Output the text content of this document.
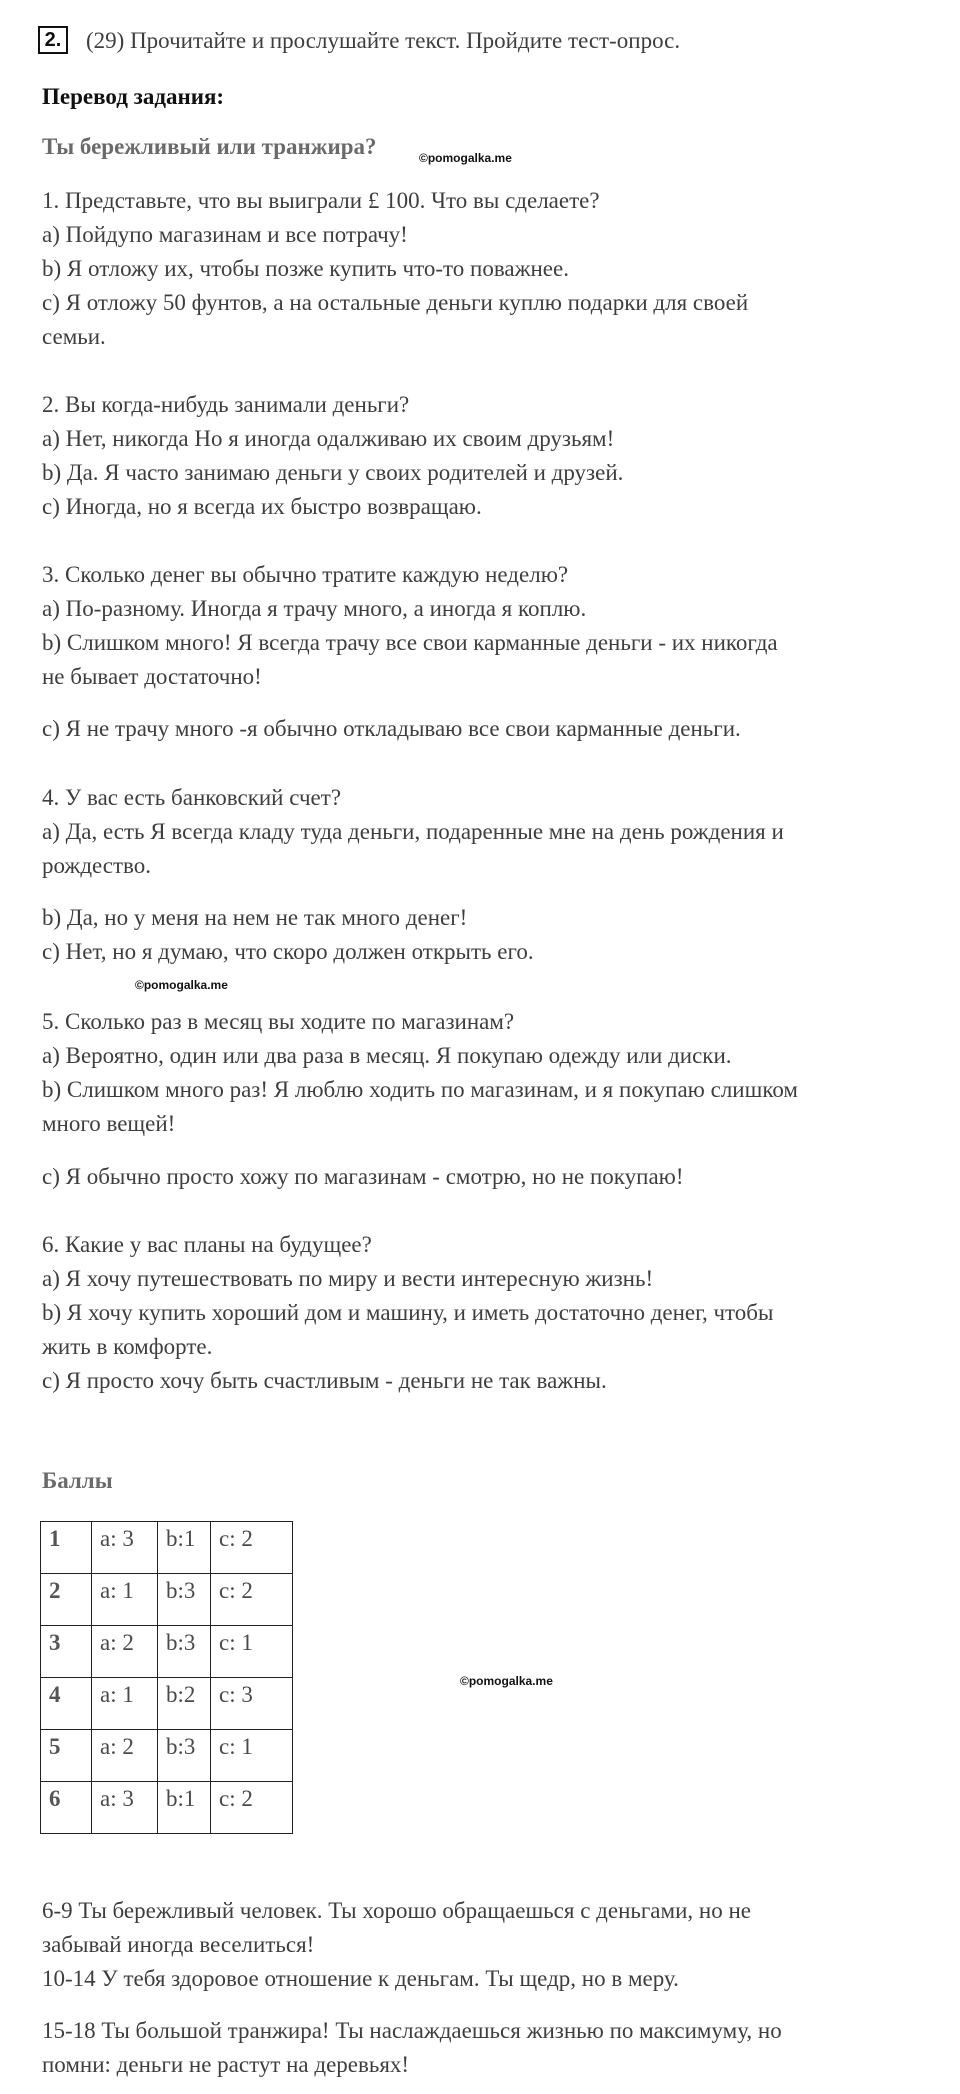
2. (29) Прочитайте и прослушайте текст. Пройдите тест-опрос.
Перевод задания:
Ты бережливый или транжира?	©pomogalka.me
1. Представьте, что вы выиграли £ 100. Что вы сделаете?
a) Пойдупо магазинам и все потрачу!
b) Я отложу их, чтобы позже купить что-то поважнее.
c) Я отложу 50 фунтов, а на остальные деньги куплю подарки для своей
семьи.
2. Вы когда-нибудь занимали деньги?
a) Нет, никогда Но я иногда одалживаю их своим друзьям!
b) Да. Я часто занимаю деньги у своих родителей и друзей.
c) Иногда, но я всегда их быстро возвращаю.
3. Сколько денег вы обычно тратите каждую неделю?
a) По-разному. Иногда я трачу много, а иногда я коплю.
b) Слишком много! Я всегда трачу все свои карманные деньги - их никогда
не бывает достаточно!
c) Я не трачу много -я обычно откладываю все свои карманные деньги.
4. У вас есть банковский счет?
a) Да, есть Я всегда кладу туда деньги, подаренные мне на день рождения и
рождество.
b) Да, но у меня на нем не так много денег!
c) Нет, но я думаю, что скоро должен открыть его.
©pomogalka.me
5. Сколько раз в месяц вы ходите по магазинам?
a) Вероятно, один или два раза в месяц. Я покупаю одежду или диски.
b) Слишком много раз! Я люблю ходить по магазинам, и я покупаю слишком
много вещей!
c) Я обычно просто хожу по магазинам - смотрю, но не покупаю!
6. Какие у вас планы на будущее?
a) Я хочу путешествовать по миру и вести интересную жизнь!
b) Я хочу купить хороший дом и машину, и иметь достаточно денег, чтобы
жить в комфорте.
c) Я просто хочу быть счастливым - деньги не так важны.
Баллы
1	a: 3	b:1	c: 2
2	a: 1	b:3	c: 2
3	a: 2	b:3	c: 1
4	a: 1	b:2	c: 3
5	a: 2	b:3	c: 1
6	a: 3	b:1	c: 2
©pomogalka.me
6-9 Ты бережливый человек. Ты хорошо обращаешься с деньгами, но не
забывай иногда веселиться!
10-14 У тебя здоровое отношение к деньгам. Ты щедр, но в меру.
15-18 Ты большой транжира! Ты наслаждаешься жизнью по максимуму, но
помни: деньги не растут на деревьях!
